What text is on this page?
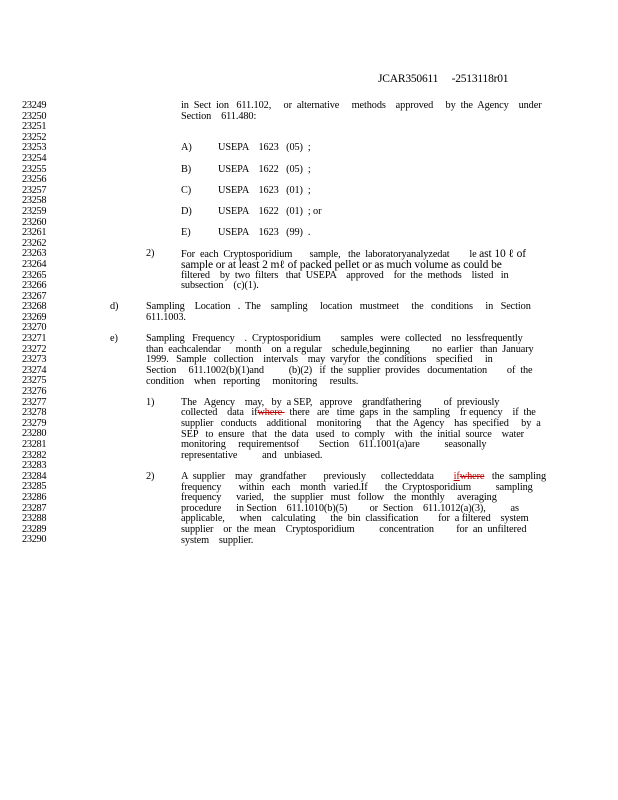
JCAR350611     -2513118r01
23249
23250
23251
23252
23253
23254
23255
23256
23257
23258
23259
23260
23261
23262
23263
23264
23265
23266
23267
23268
23269
23270
23271
23272
23273
23274
23275
23276
23277
23278
23279
23280
23281
23282
23283
23284
23285
23286
23287
23288
23289
23290
in  Sect  ion   611.102,     or  alternative     methods    approved     by  the  Agency    under
Section    611.480:
A)	USEPA    1623   (05)  ;
B)	USEPA    1622   (05)  ;
C)	USEPA    1623   (01)  ;
D)	USEPA    1622   (01)  ; or
E)	USEPA    1623   (99)  .
2)	For  each  Cryptosporidium       sample,   the  laboratoryanalyzedat        le ast 10 ℓ of
sample or at least 2 mℓ of packed pellet or as much volume as could be
filtered    by  two  filters   that  USEPA    approved    for  the  methods    listed   in
subsection    (c)(1).
d)	Sampling    Location   .  The    sampling     location   mustmeet     the   conditions     in   Section
611.1003.
e)	Sampling   Frequency    .  Cryptosporidium        samples   were  collected    no  lessfrequently
than  eachcalendar      month    on  a regular    schedule,beginning         no  earlier   than  January
1999.   Sample   collection    intervals    may  varyfor   the  conditions    specified     in
Section     611.1002(b)(1)and          (b)(2)   if  the  supplier  provides   documentation        of  the
condition    when   reporting     monitoring     results.
1)	The   Agency    may,   by  a SEP,   approve    grandfathering         of  previously
collected    data   ifwhere   there   are   time  gaps  in  the  sampling    fr equency    if  the
supplier   conducts    additional    monitoring      that  the  Agency    has  specified     by  a
SEP   to  ensure   that   the  data   used   to  comply    with   the  initial  source    water
monitoring     requirementsof        Section    611.1001(a)are          seasonally
representative          and   unbiased.
2)	A  supplier    may   grandfather       previously      collecteddata        ifwhere   the  sampling
frequency       within   each    month   varied.If       the  Cryptosporidium          sampling
frequency      varied,    the  supplier   must   follow    the  monthly     averaging
procedure      in Section    611.1010(b)(5)         or  Section    611.1012(a)(3),          as
applicable,      when    calculating      the  bin  classification        for  a filtered    system
supplier    or  the  mean    Cryptosporidium          concentration         for  an  unfiltered
system    supplier.
